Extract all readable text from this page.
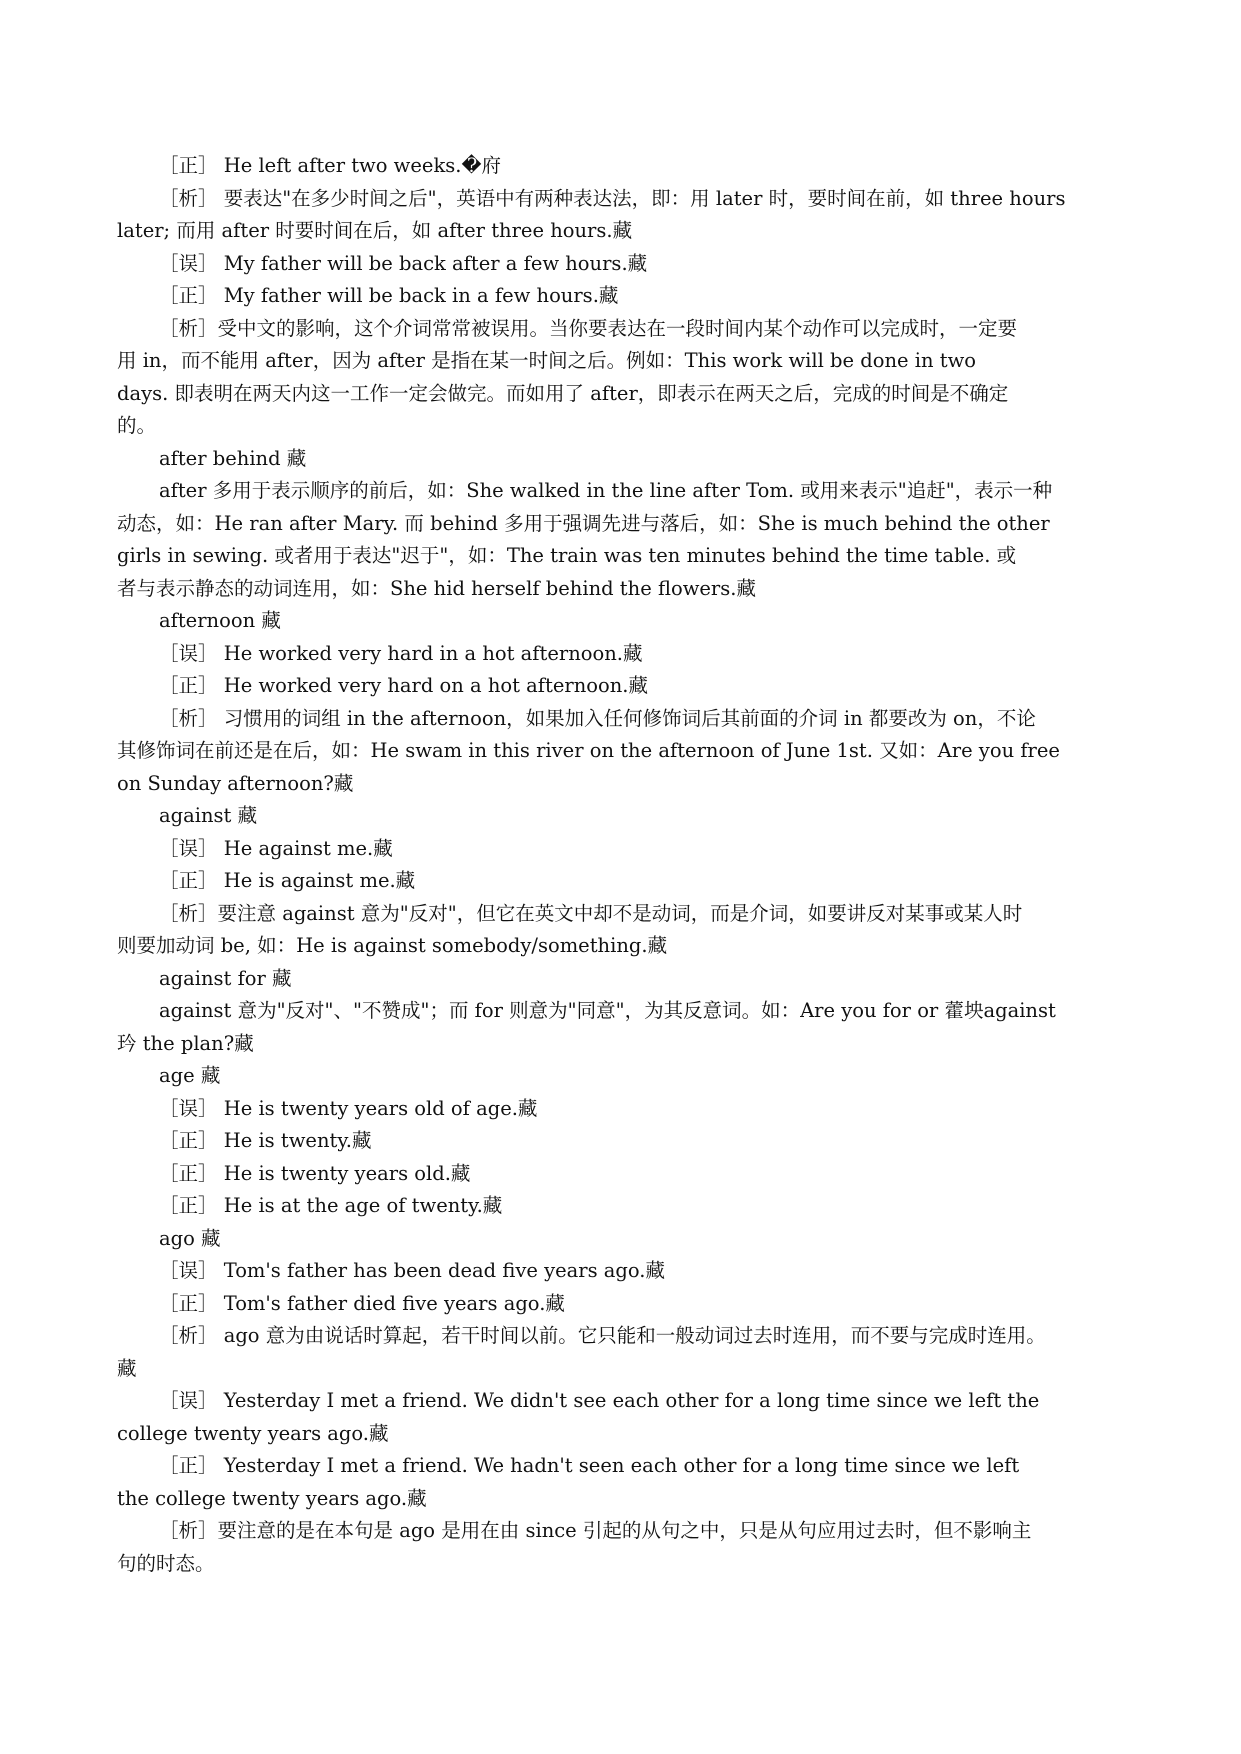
［正］ He left after two weeks.�府
［析］ 要表达"在多少时间之后"，英语中有两种表达法，即：用 later 时，要时间在前，如 three hours
later; 而用 after 时要时间在后，如 after three hours.藏
［误］ My father will be back after a few hours.藏
［正］ My father will be back in a few hours.藏
［析］受中文的影响，这个介词常常被误用。当你要表达在一段时间内某个动作可以完成时，一定要
用 in，而不能用 after，因为 after 是指在某一时间之后。例如：This work will be done in two
days. 即表明在两天内这一工作一定会做完。而如用了 after，即表示在两天之后，完成的时间是不确定
的。
after behind 藏
after 多用于表示顺序的前后，如：She walked in the line after Tom. 或用来表示"追赶"，表示一种
动态，如：He ran after Mary. 而 behind 多用于强调先进与落后，如：She is much behind the other
girls in sewing. 或者用于表达"迟于"，如：The train was ten minutes behind the time table. 或
者与表示静态的动词连用，如：She hid herself behind the flowers.藏
afternoon 藏
［误］ He worked very hard in a hot afternoon.藏
［正］ He worked very hard on a hot afternoon.藏
［析］ 习惯用的词组 in the afternoon，如果加入任何修饰词后其前面的介词 in 都要改为 on，不论
其修饰词在前还是在后，如：He swam in this river on the afternoon of June 1st. 又如：Are you free
on Sunday afternoon?藏
against 藏
［误］ He against me.藏
［正］ He is against me.藏
［析］要注意 against 意为"反对"，但它在英文中却不是动词，而是介词，如要讲反对某事或某人时
则要加动词 be, 如：He is against somebody/something.藏
against for 藏
against 意为"反对"、"不赞成"；而 for 则意为"同意"，为其反意词。如：Are you for or 藿坱against
玪 the plan?藏
age 藏
［误］ He is twenty years old of age.藏
［正］ He is twenty.藏
［正］ He is twenty years old.藏
［正］ He is at the age of twenty.藏
ago 藏
［误］ Tom's father has been dead five years ago.藏
［正］ Tom's father died five years ago.藏
［析］ ago 意为由说话时算起，若干时间以前。它只能和一般动词过去时连用，而不要与完成时连用。
藏
［误］ Yesterday I met a friend. We didn't see each other for a long time since we left the
college twenty years ago.藏
［正］ Yesterday I met a friend. We hadn't seen each other for a long time since we left
the college twenty years ago.藏
［析］要注意的是在本句是 ago 是用在由 since 引起的从句之中，只是从句应用过去时，但不影响主
句的时态。
